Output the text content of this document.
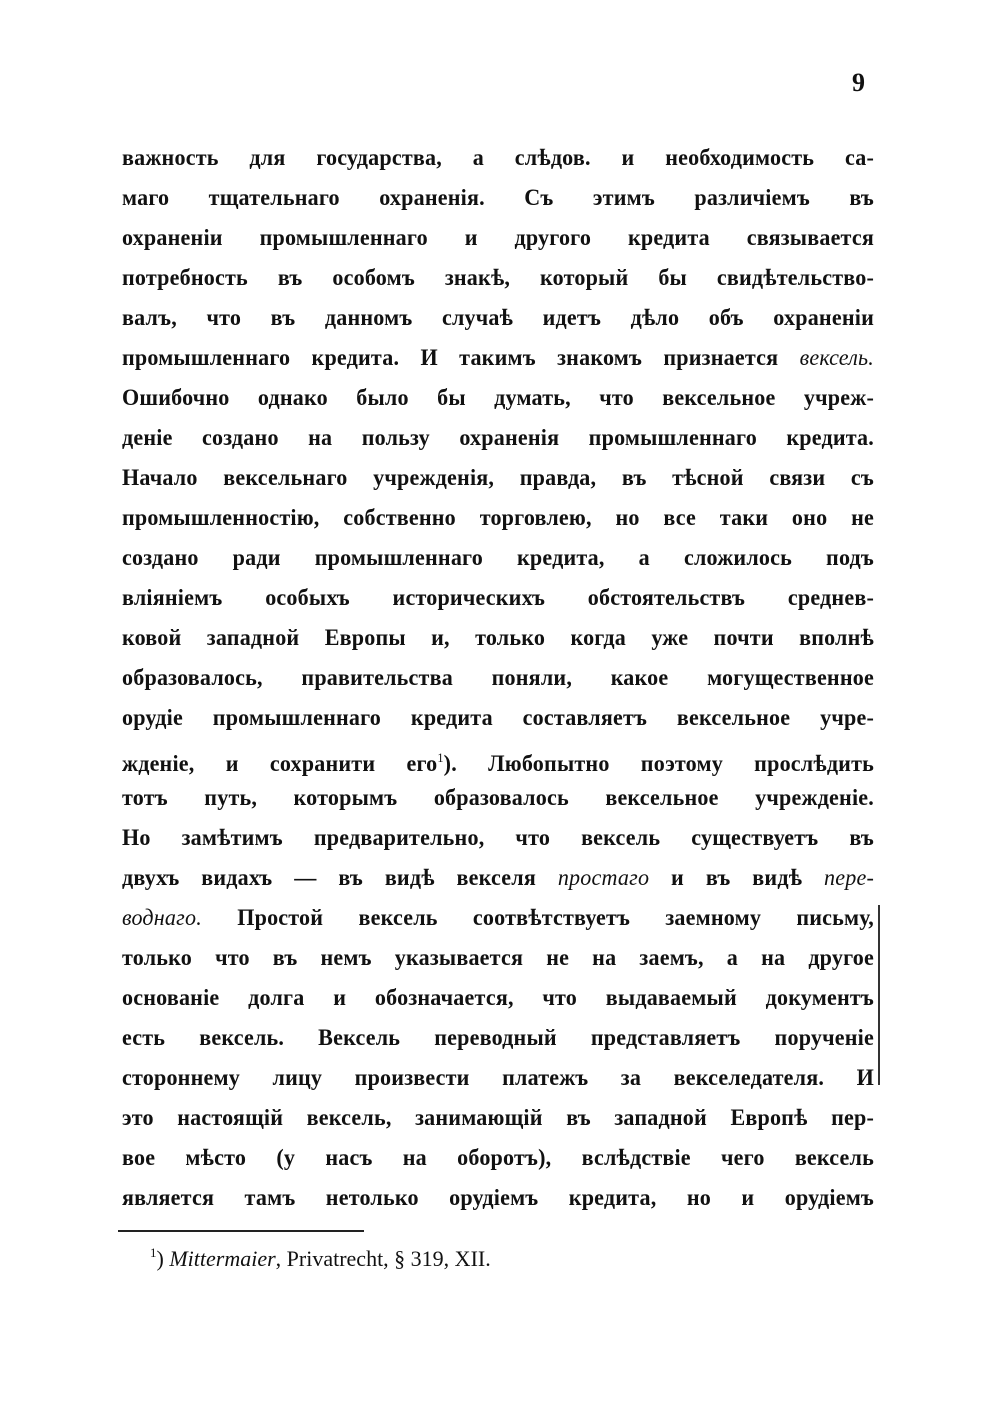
9
важность для государства, а слѣдов. и необходимость са-
маго тщательнаго охраненія. Съ этимъ различіемъ въ
охраненіи промышленнаго и другого кредита связывается
потребность въ особомъ знакѣ, который бы свидѣтельство-
валъ, что въ данномъ случаѣ идетъ дѣло объ охраненіи
промышленнаго кредита. И такимъ знакомъ признается вексель.
Ошибочно однако было бы думать, что вексельное учреж-
деніе создано на пользу охраненія промышленнаго кредита.
Начало вексельнаго учрежденія, правда, въ тѣсной связи съ
промышленностію, собственно торговлею, но все таки оно не
создано ради промышленнаго кредита, а сложилось подъ
вліяніемъ особыхъ историческихъ обстоятельствъ среднев-
ковой западной Европы и, только когда уже почти вполнѣ
образовалось, правительства поняли, какое могущественное
орудіе промышленнаго кредита составляетъ вексельное учре-
жденіе, и сохранити его$^1$). Любопытно поэтому прослѣдить
тотъ путь, которымъ образовалось вексельное учрежденіе.
Но замѣтимъ предварительно, что вексель существуетъ въ
двухъ видахъ — въ видѣ векселя простаго и въ видѣ пере-
воднаго. Простой вексель соотвѣтствуетъ заемному письму,
только что въ немъ указывается не на заемъ, а на другое
основаніе долга и обозначается, что выдаваемый документъ
есть вексель. Вексель переводный представляетъ порученіе
стороннему лицу произвести платежъ за векселедателя. И
это настоящій вексель, занимающій въ западной Европѣ пер-
вое мѣсто (у насъ на оборотъ), вслѣдствіе чего вексель
является тамъ нетолько орудіемъ кредита, но и орудіемъ
$^1$) Mittermaier, Privatrecht, § 319, XII.
